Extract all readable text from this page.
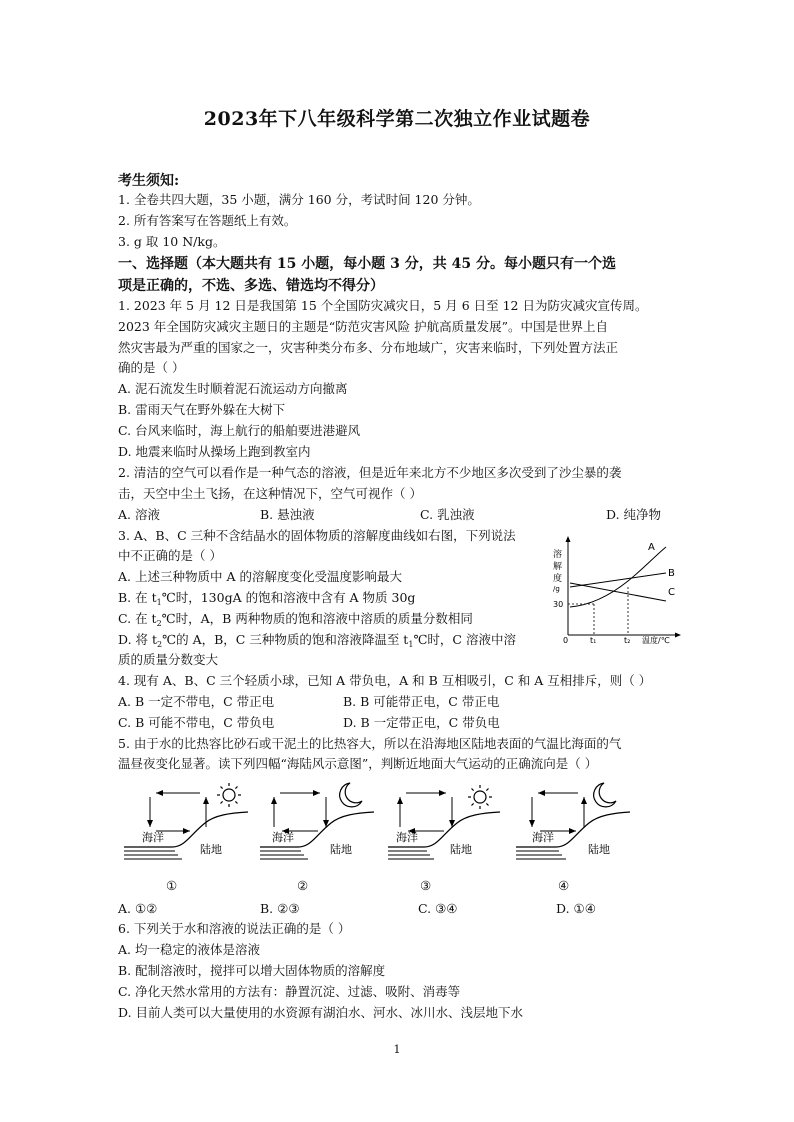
2023年下八年级科学第二次独立作业试题卷
考生须知:
1. 全卷共四大题，35 小题，满分 160 分，考试时间 120 分钟。
2. 所有答案写在答题纸上有效。
3. g 取 10 N/kg。
一、选择题（本大题共有 15 小题，每小题 3 分，共 45 分。每小题只有一个选
项是正确的，不选、多选、错选均不得分）
1. 2023 年 5 月 12 日是我国第 15 个全国防灾减灾日，5 月 6 日至 12 日为防灾减灾宣传周。
2023 年全国防灾减灾主题日的主题是“防范灾害风险 护航高质量发展”。中国是世界上自
然灾害最为严重的国家之一，灾害种类分布多、分布地域广，灾害来临时，下列处置方法正
确的是（ ）
A. 泥石流发生时顺着泥石流运动方向撤离
B. 雷雨天气在野外躲在大树下
C. 台风来临时，海上航行的船舶要进港避风
D. 地震来临时从操场上跑到教室内
2. 清洁的空气可以看作是一种气态的溶液，但是近年来北方不少地区多次受到了沙尘暴的袭
击，天空中尘土飞扬，在这种情况下，空气可视作（ ）
A. 溶液	B. 悬浊液	C. 乳浊液	D. 纯净物
3. A、B、C 三种不含结晶水的固体物质的溶解度曲线如右图，下列说法
中不正确的是（ ）
A. 上述三种物质中 A 的溶解度变化受温度影响最大
B. 在 $t_1℃$时，130gA 的饱和溶液中含有 A 物质 30g
C. 在 $t_2℃$时，A，B 两种物质的饱和溶液中溶质的质量分数相同
D. 将 $t_2℃$的 A，B，C 三种物质的饱和溶液降温至 $t_1℃$时，C 溶液中溶
质的质量分数变大
溶
解
度
/g
30
A
B
C
0	t₁	t₂ 温度/℃
4. 现有 A、B、C 三个轻质小球，已知 A 带负电，A 和 B 互相吸引，C 和 A 互相排斥，则（ ）
A. B 一定不带电，C 带正电	B. B 可能带正电，C 带正电
C. B 可能不带电，C 带负电	D. B 一定带正电，C 带负电
5. 由于水的比热容比砂石或干泥土的比热容大，所以在沿海地区陆地表面的气温比海面的气
温昼夜变化显著。读下列四幅“海陆风示意图”，判断近地面大气运动的正确流向是（ ）
海洋
陆地
海洋
陆地
海洋
陆地
海洋
陆地
①	②	③	④
A. ①②	B. ②③	C. ③④	D. ①④
6. 下列关于水和溶液的说法正确的是（ ）
A. 均一稳定的液体是溶液
B. 配制溶液时，搅拌可以增大固体物质的溶解度
C. 净化天然水常用的方法有：静置沉淀、过滤、吸附、消毒等
D. 目前人类可以大量使用的水资源有湖泊水、河水、冰川水、浅层地下水
1
